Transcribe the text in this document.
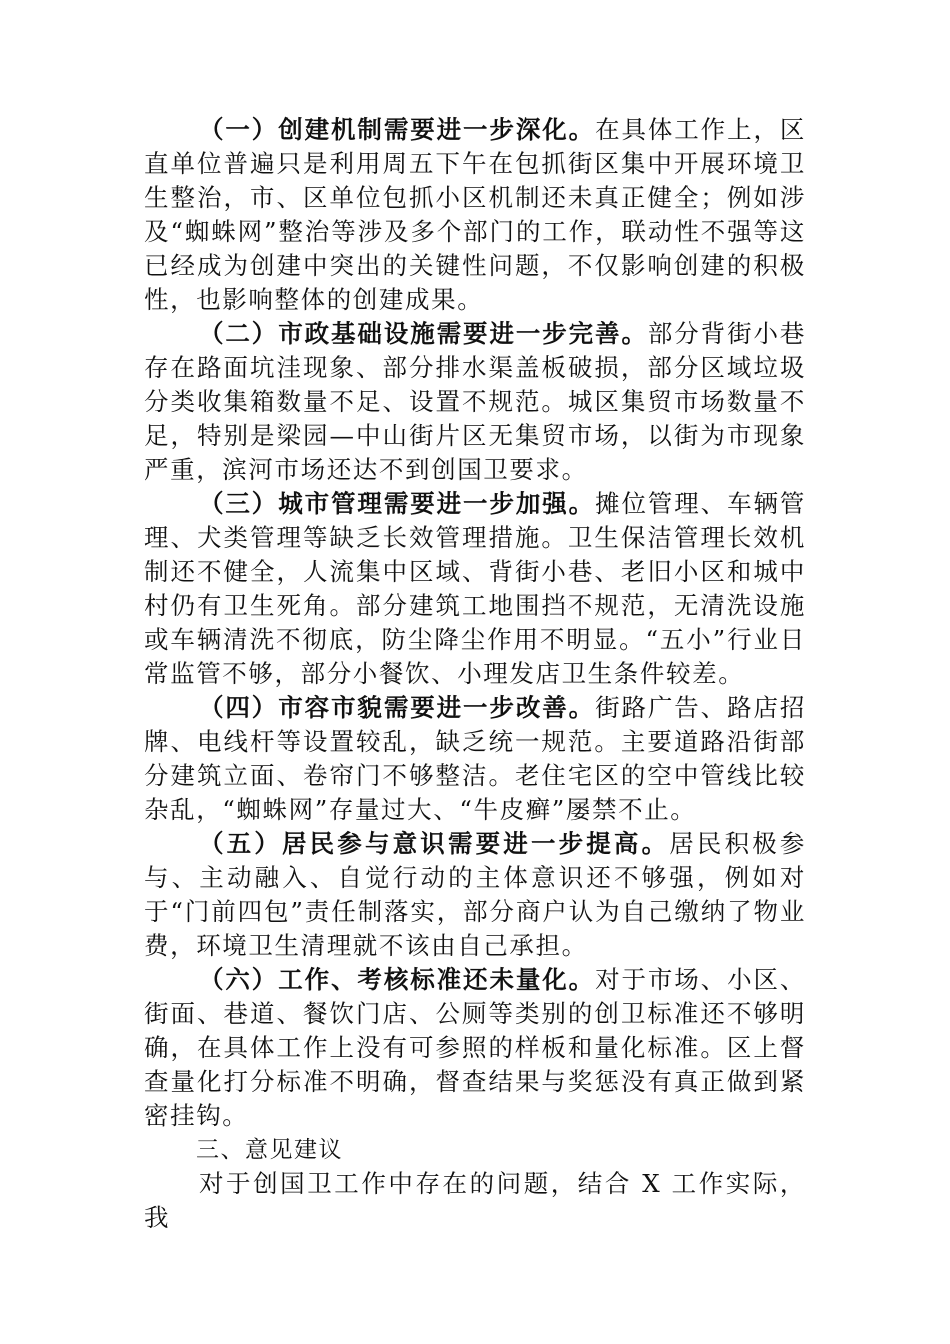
（一）创建机制需要进一步深化。在具体工作上，区直单位普遍只是利用周五下午在包抓街区集中开展环境卫生整治，市、区单位包抓小区机制还未真正健全；例如涉及“蜘蛛网”整治等涉及多个部门的工作，联动性不强等这已经成为创建中突出的关键性问题，不仅影响创建的积极性，也影响整体的创建成果。

（二）市政基础设施需要进一步完善。部分背街小巷存在路面坑洼现象、部分排水渠盖板破损，部分区域垃圾分类收集箱数量不足、设置不规范。城区集贸市场数量不足，特别是梁园—中山街片区无集贸市场，以街为市现象严重，滨河市场还达不到创国卫要求。

（三）城市管理需要进一步加强。摊位管理、车辆管理、犬类管理等缺乏长效管理措施。卫生保洁管理长效机制还不健全，人流集中区域、背街小巷、老旧小区和城中村仍有卫生死角。部分建筑工地围挡不规范，无清洗设施或车辆清洗不彻底，防尘降尘作用不明显。“五小”行业日常监管不够，部分小餐饮、小理发店卫生条件较差。

（四）市容市貌需要进一步改善。街路广告、路店招牌、电线杆等设置较乱，缺乏统一规范。主要道路沿街部分建筑立面、卷帘门不够整洁。老住宅区的空中管线比较杂乱，“蜘蛛网”存量过大、“牛皮癣”屡禁不止。

（五）居民参与意识需要进一步提高。居民积极参与、主动融入、自觉行动的主体意识还不够强，例如对于“门前四包”责任制落实，部分商户认为自己缴纳了物业费，环境卫生清理就不该由自己承担。

（六）工作、考核标准还未量化。对于市场、小区、街面、巷道、餐饮门店、公厕等类别的创卫标准还不够明确，在具体工作上没有可参照的样板和量化标准。区上督查量化打分标准不明确，督查结果与奖惩没有真正做到紧密挂钩。

三、意见建议

对于创国卫工作中存在的问题，结合 X 工作实际，我
